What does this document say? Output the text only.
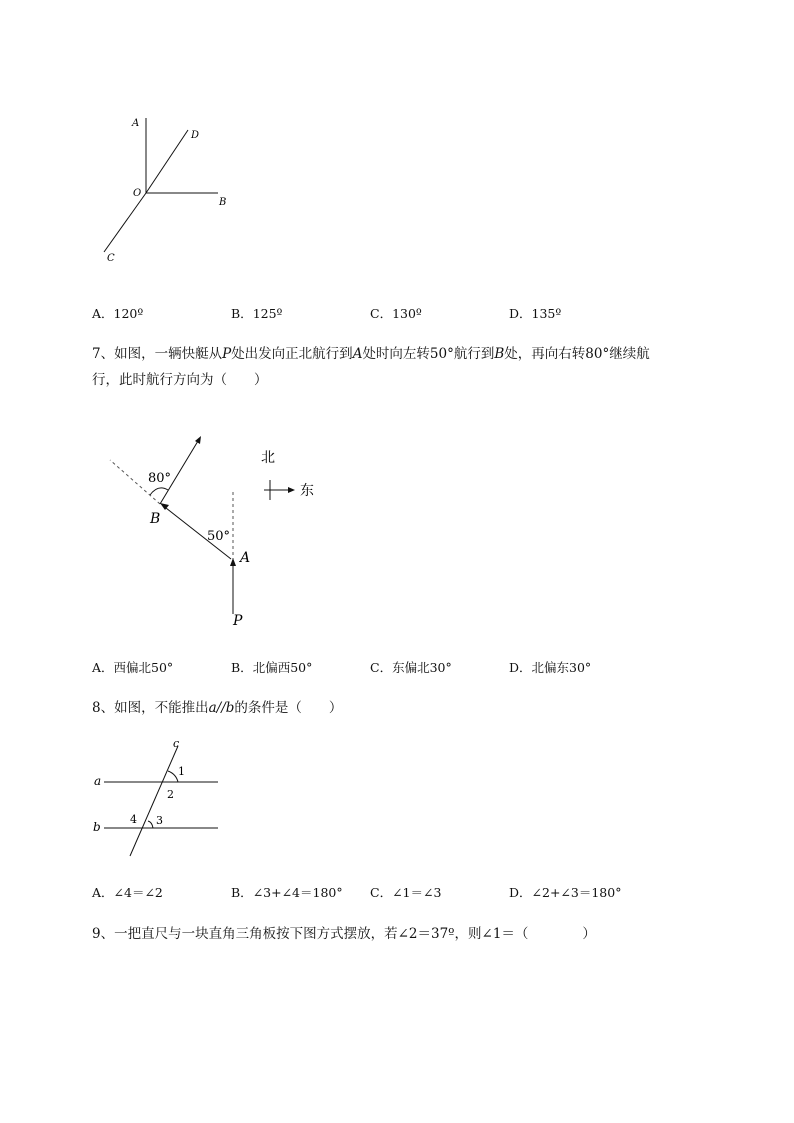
A
D
O
B
C
A．120º	B．125º	C．130º	D．135º
7、如图，一辆快艇从P处出发向正北航行到A处时向左转50°航行到B处，再向右转80°继续航
行，此时航行方向为（　　）
80°
50°
B
A
P
北
东
A．西偏北50°	B．北偏西50°	C．东偏北30°	D．北偏东30°
8、如图，不能推出a//b的条件是（　　）
c
a
b
1
2
3
4
A．∠4＝∠2	B．∠3+∠4＝180° C．∠1＝∠3	D．∠2+∠3＝180°
9、一把直尺与一块直角三角板按下图方式摆放，若∠2＝37º，则∠1＝（　　　　）
